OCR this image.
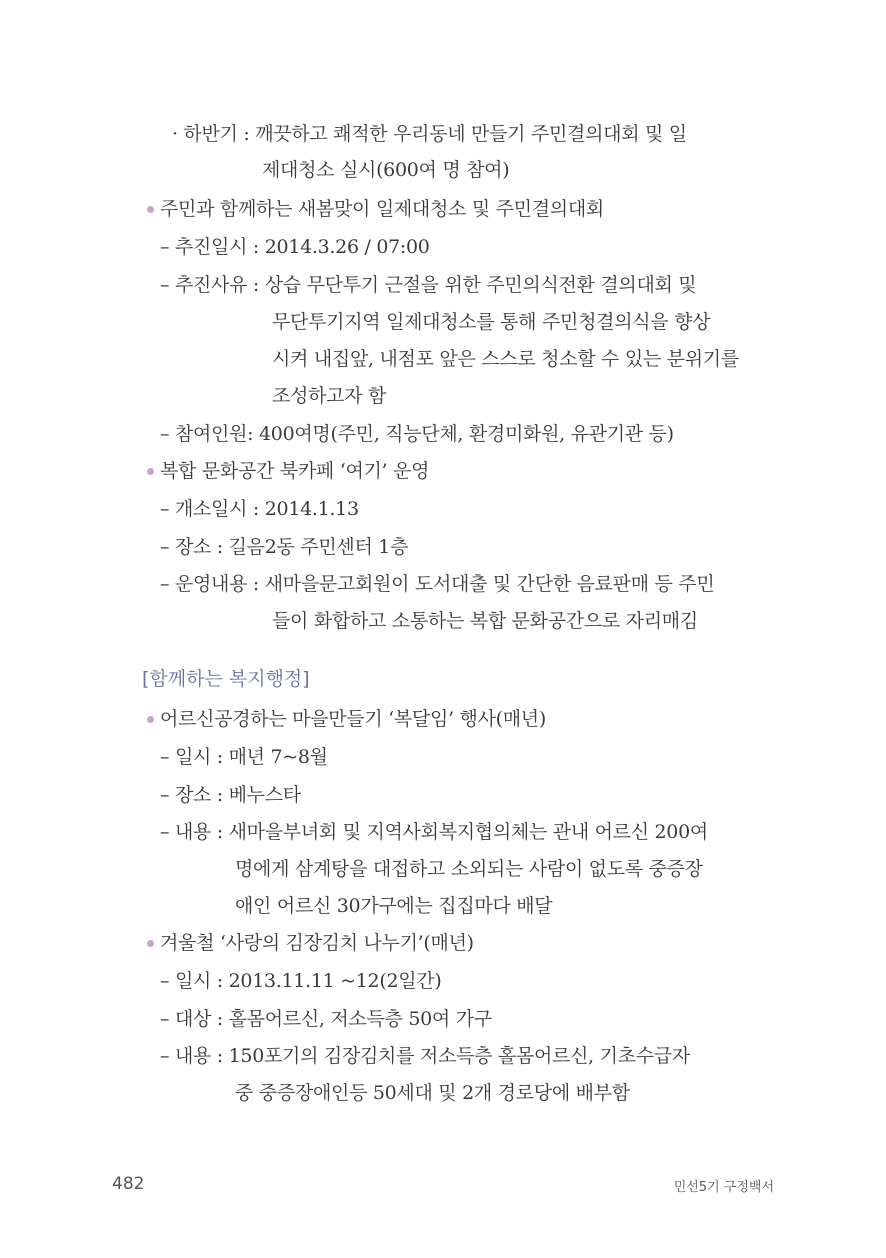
· 하반기 : 깨끗하고 쾌적한 우리동네 만들기 주민결의대회 및 일
제대청소 실시(600여 명 참여)
주민과 함께하는 새봄맞이 일제대청소 및 주민결의대회
– 추진일시 : 2014.3.26 / 07:00
– 추진사유 : 상습 무단투기 근절을 위한 주민의식전환 결의대회 및
무단투기지역 일제대청소를 통해 주민청결의식을 향상
시켜 내집앞, 내점포 앞은 스스로 청소할 수 있는 분위기를
조성하고자 함
– 참여인원: 400여명(주민, 직능단체, 환경미화원, 유관기관 등)
복합 문화공간 북카페 ‘여기’ 운영
– 개소일시 : 2014.1.13
– 장소 : 길음2동 주민센터 1층
– 운영내용 : 새마을문고회원이 도서대출 및 간단한 음료판매 등 주민
들이 화합하고 소통하는 복합 문화공간으로 자리매김
[함께하는 복지행정]
어르신공경하는 마을만들기 ‘복달임’ 행사(매년)
– 일시 : 매년 7~8월
– 장소 : 베누스타
– 내용 : 새마을부녀회 및 지역사회복지협의체는 관내 어르신 200여
명에게 삼계탕을 대접하고 소외되는 사람이 없도록 중증장
애인 어르신 30가구에는 집집마다 배달
겨울철 ‘사랑의 김장김치 나누기’(매년)
– 일시 : 2013.11.11 ~12(2일간)
– 대상 : 홀몸어르신, 저소득층 50여 가구
– 내용 : 150포기의 김장김치를 저소득층 홀몸어르신, 기초수급자
중 중증장애인등 50세대 및 2개 경로당에 배부함
482	민선5기 구정백서
